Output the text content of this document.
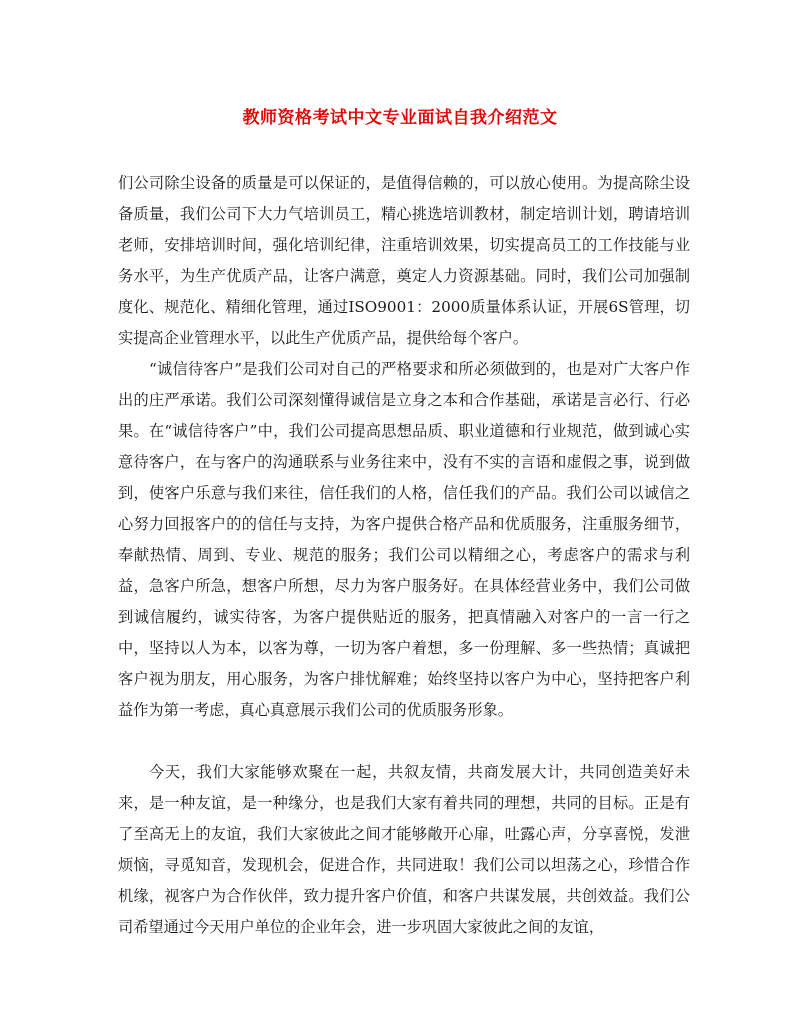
教师资格考试中文专业面试自我介绍范文

们公司除尘设备的质量是可以保证的，是值得信赖的，可以放心使用。为提高除尘设备质量，我们公司下大力气培训员工，精心挑选培训教材，制定培训计划，聘请培训老师，安排培训时间，强化培训纪律，注重培训效果，切实提高员工的工作技能与业务水平，为生产优质产品，让客户满意，奠定人力资源基础。同时，我们公司加强制度化、规范化、精细化管理，通过ISO9001：2000质量体系认证，开展6S管理，切实提高企业管理水平，以此生产优质产品，提供给每个客户。

“诚信待客户”是我们公司对自己的严格要求和所必须做到的，也是对广大客户作出的庄严承诺。我们公司深刻懂得诚信是立身之本和合作基础，承诺是言必行、行必果。在“诚信待客户”中，我们公司提高思想品质、职业道德和行业规范，做到诚心实意待客户，在与客户的沟通联系与业务往来中，没有不实的言语和虚假之事，说到做到，使客户乐意与我们来往，信任我们的人格，信任我们的产品。我们公司以诚信之心努力回报客户的的信任与支持，为客户提供合格产品和优质服务，注重服务细节，奉献热情、周到、专业、规范的服务；我们公司以精细之心，考虑客户的需求与利益，急客户所急，想客户所想，尽力为客户服务好。在具体经营业务中，我们公司做到诚信履约，诚实待客，为客户提供贴近的服务，把真情融入对客户的一言一行之中，坚持以人为本，以客为尊，一切为客户着想，多一份理解、多一些热情；真诚把客户视为朋友，用心服务，为客户排忧解难；始终坚持以客户为中心，坚持把客户利益作为第一考虑，真心真意展示我们公司的优质服务形象。

今天，我们大家能够欢聚在一起，共叙友情，共商发展大计，共同创造美好未来，是一种友谊，是一种缘分，也是我们大家有着共同的理想，共同的目标。正是有了至高无上的友谊，我们大家彼此之间才能够敞开心扉，吐露心声，分享喜悦，发泄烦恼，寻觅知音，发现机会，促进合作，共同进取！我们公司以坦荡之心，珍惜合作机缘，视客户为合作伙伴，致力提升客户价值，和客户共谋发展，共创效益。我们公司希望通过今天用户单位的企业年会，进一步巩固大家彼此之间的友谊，
